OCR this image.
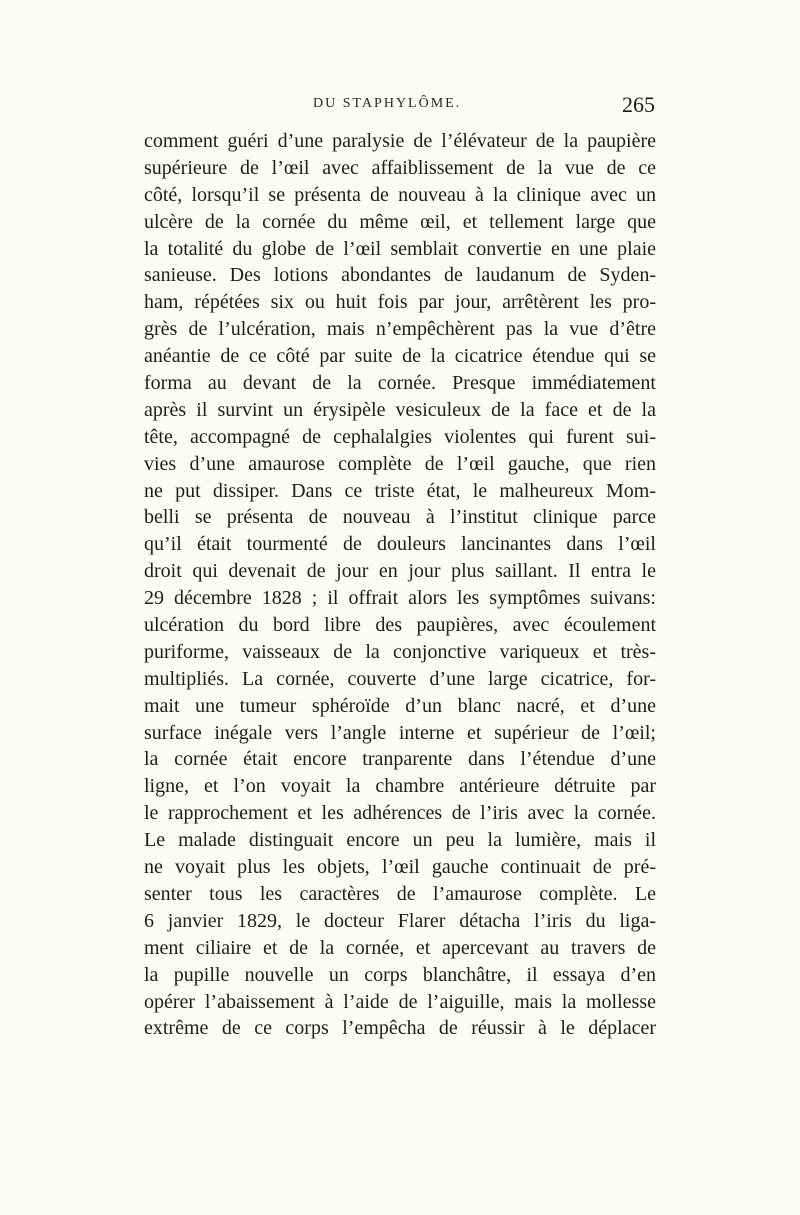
DU STAPHYLÔME.	265
comment guéri d’une paralysie de l’élévateur de la paupière
supérieure de l’œil avec affaiblissement de la vue de ce
côté, lorsqu’il se présenta de nouveau à la clinique avec un
ulcère de la cornée du même œil, et tellement large que
la totalité du globe de l’œil semblait convertie en une plaie
sanieuse. Des lotions abondantes de laudanum de Syden-
ham, répétées six ou huit fois par jour, arrêtèrent les pro-
grès de l’ulcération, mais n’empêchèrent pas la vue d’être
anéantie de ce côté par suite de la cicatrice étendue qui se
forma au devant de la cornée. Presque immédiatement
après il survint un érysipèle vesiculeux de la face et de la
tête, accompagné de cephalalgies violentes qui furent sui-
vies d’une amaurose complète de l’œil gauche, que rien
ne put dissiper. Dans ce triste état, le malheureux Mom-
belli se présenta de nouveau à l’institut clinique parce
qu’il était tourmenté de douleurs lancinantes dans l’œil
droit qui devenait de jour en jour plus saillant. Il entra le
29 décembre 1828 ; il offrait alors les symptômes suivans:
ulcération du bord libre des paupières, avec écoulement
puriforme, vaisseaux de la conjonctive variqueux et très-
multipliés. La cornée, couverte d’une large cicatrice, for-
mait une tumeur sphéroïde d’un blanc nacré, et d’une
surface inégale vers l’angle interne et supérieur de l’œil;
la cornée était encore tranparente dans l’étendue d’une
ligne, et l’on voyait la chambre antérieure détruite par
le rapprochement et les adhérences de l’iris avec la cornée.
Le malade distinguait encore un peu la lumière, mais il
ne voyait plus les objets, l’œil gauche continuait de pré-
senter tous les caractères de l’amaurose complète. Le
6 janvier 1829, le docteur Flarer détacha l’iris du liga-
ment ciliaire et de la cornée, et apercevant au travers de
la pupille nouvelle un corps blanchâtre, il essaya d’en
opérer l’abaissement à l’aide de l’aiguille, mais la mollesse
extrême de ce corps l’empêcha de réussir à le déplacer
